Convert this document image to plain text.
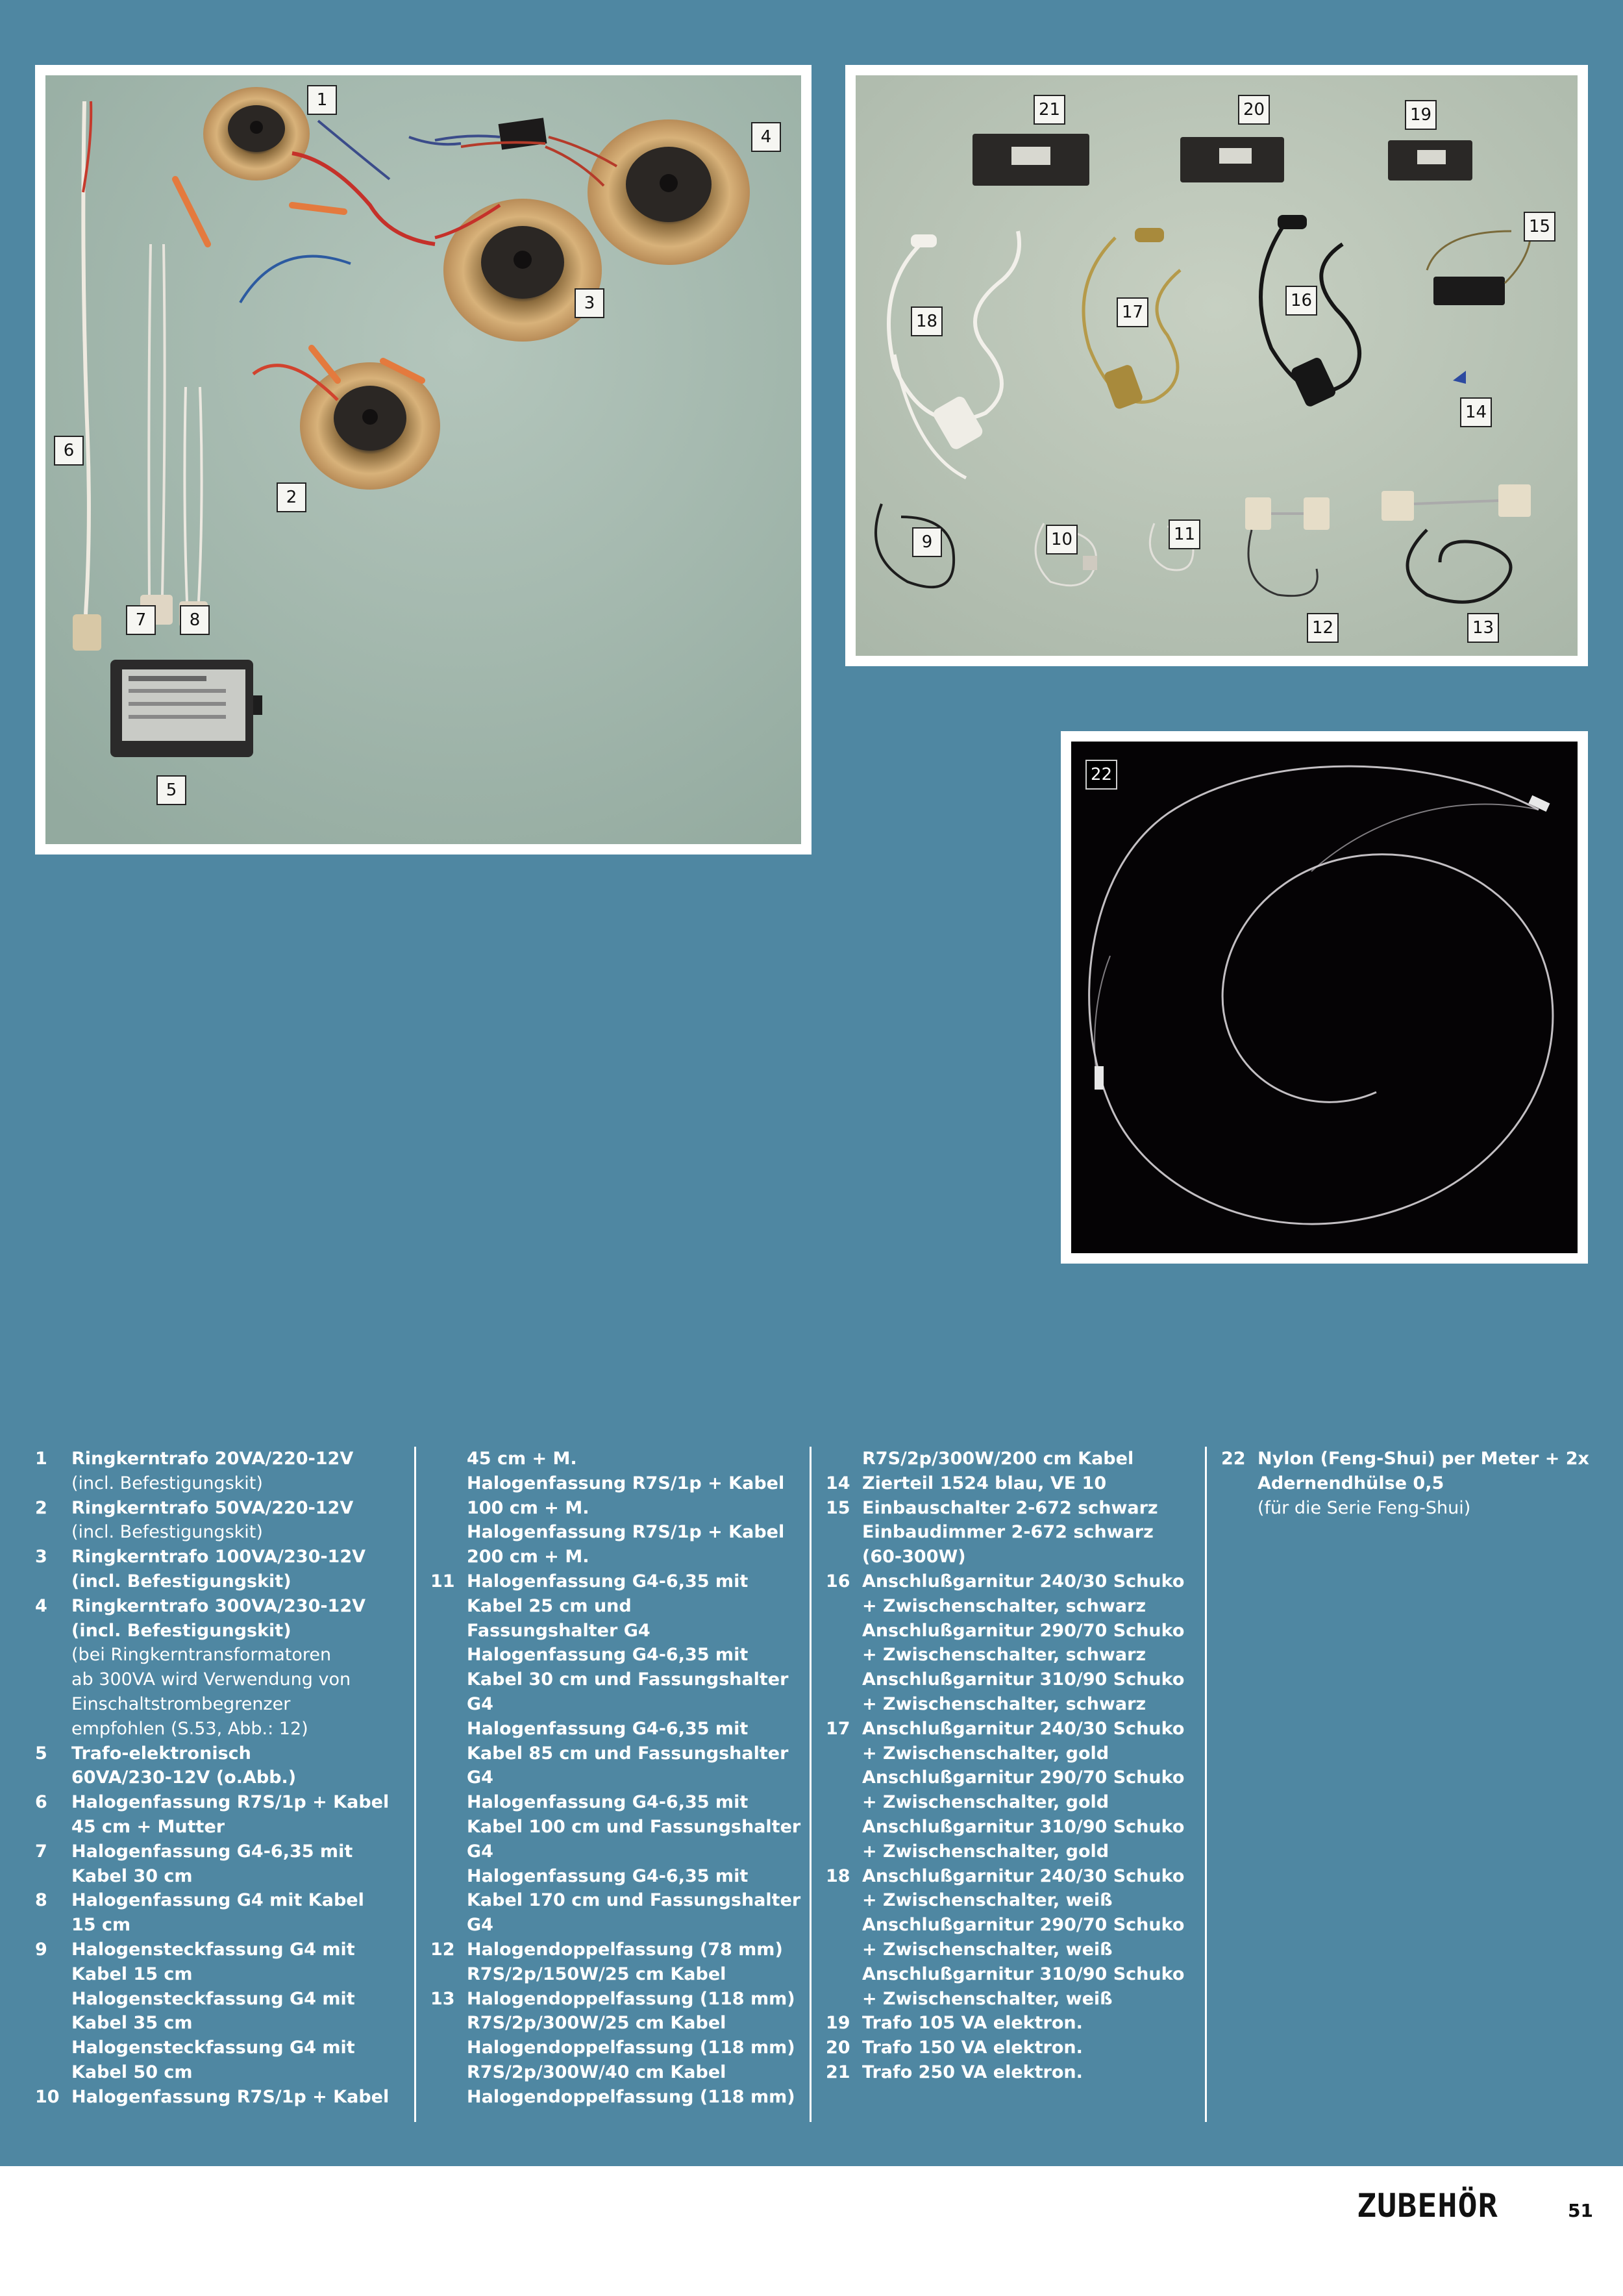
1
4
3
6
2
7	8
5
21	20	19
15
16
17
18
14
10	11
9
12	13
22
1	Ringkerntrafo 20VA/220-12V
(incl. Befestigungskit)
2	Ringkerntrafo 50VA/220-12V
(incl. Befestigungskit)
3	Ringkerntrafo 100VA/230-12V
(incl. Befestigungskit)
4	Ringkerntrafo 300VA/230-12V
(incl. Befestigungskit)
(bei Ringkerntransformatoren
ab 300VA wird Verwendung von
Einschaltstrombegrenzer
empfohlen (S.53, Abb.: 12)
5	Trafo-elektronisch
60VA/230-12V (o.Abb.)
6	Halogenfassung R7S/1p + Kabel
45 cm + Mutter
7	Halogenfassung G4-6,35 mit
Kabel 30 cm
8	Halogenfassung G4 mit Kabel
15 cm
9	Halogensteckfassung G4 mit
Kabel 15 cm
Halogensteckfassung G4 mit
Kabel 35 cm
Halogensteckfassung G4 mit
Kabel 50 cm
10 Halogenfassung R7S/1p + Kabel
45 cm + M.
Halogenfassung R7S/1p + Kabel
100 cm + M.
Halogenfassung R7S/1p + Kabel
200 cm + M.
11 Halogenfassung G4-6,35 mit
Kabel 25 cm und
Fassungshalter G4
Halogenfassung G4-6,35 mit
Kabel 30 cm und Fassungshalter
G4
Halogenfassung G4-6,35 mit
Kabel 85 cm und Fassungshalter
G4
Halogenfassung G4-6,35 mit
Kabel 100 cm und Fassungshalter
G4
Halogenfassung G4-6,35 mit
Kabel 170 cm und Fassungshalter
G4
12 Halogendoppelfassung (78 mm)
R7S/2p/150W/25 cm Kabel
13 Halogendoppelfassung (118 mm)
R7S/2p/300W/25 cm Kabel
Halogendoppelfassung (118 mm)
R7S/2p/300W/40 cm Kabel
Halogendoppelfassung (118 mm)
R7S/2p/300W/200 cm Kabel
14 Zierteil 1524 blau, VE 10
15 Einbauschalter 2-672 schwarz
Einbaudimmer 2-672 schwarz
(60-300W)
16 Anschlußgarnitur 240/30 Schuko
+ Zwischenschalter, schwarz
Anschlußgarnitur 290/70 Schuko
+ Zwischenschalter, schwarz
Anschlußgarnitur 310/90 Schuko
+ Zwischenschalter, schwarz
17 Anschlußgarnitur 240/30 Schuko
+ Zwischenschalter, gold
Anschlußgarnitur 290/70 Schuko
+ Zwischenschalter, gold
Anschlußgarnitur 310/90 Schuko
+ Zwischenschalter, gold
18 Anschlußgarnitur 240/30 Schuko
+ Zwischenschalter, weiß
Anschlußgarnitur 290/70 Schuko
+ Zwischenschalter, weiß
Anschlußgarnitur 310/90 Schuko
+ Zwischenschalter, weiß
19 Trafo 105 VA elektron.
20 Trafo 150 VA elektron.
21 Trafo 250 VA elektron.
22 Nylon (Feng-Shui) per Meter + 2x
Adernendhülse 0,5
(für die Serie Feng-Shui)
ZUBEHÖR	51
